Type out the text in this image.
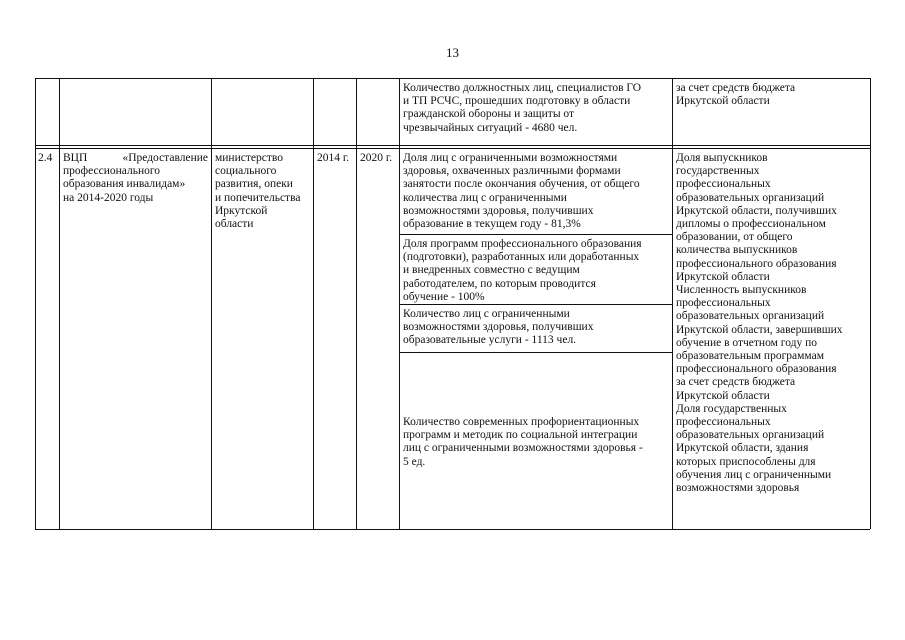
13
Количество должностных лиц, специалистов ГО
и ТП РСЧС, прошедших подготовку в области
гражданской обороны и защиты от
чрезвычайных ситуаций - 4680 чел.
за счет средств бюджета
Иркутской области
2.4 ВЦП	«Предоставление
профессионального
образования инвалидам»
на 2014-2020 годы
министерство
социального
развития, опеки
и попечительства
Иркутской
области
2014 г. 2020 г. Доля лиц с ограниченными возможностями
здоровья, охваченных различными формами
занятости после окончания обучения, от общего
количества лиц с ограниченными
возможностями здоровья, получивших
образование в текущем году - 81,3%
Доля программ профессионального образования
(подготовки), разработанных или доработанных
и внедренных совместно с ведущим
работодателем, по которым проводится
обучение - 100%
Количество лиц с ограниченными
возможностями здоровья, получивших
образовательные услуги - 1113 чел.
Количество современных профориентационных
программ и методик по социальной интеграции
лиц с ограниченными возможностями здоровья -
5 ед.
Доля выпускников
государственных
профессиональных
образовательных организаций
Иркутской области, получивших
дипломы о профессиональном
образовании, от общего
количества выпускников
профессионального образования
Иркутской области
Численность выпускников
профессиональных
образовательных организаций
Иркутской области, завершивших
обучение в отчетном году по
образовательным программам
профессионального образования
за счет средств бюджета
Иркутской области
Доля государственных
профессиональных
образовательных организаций
Иркутской области, здания
которых приспособлены для
обучения лиц с ограниченными
возможностями здоровья
